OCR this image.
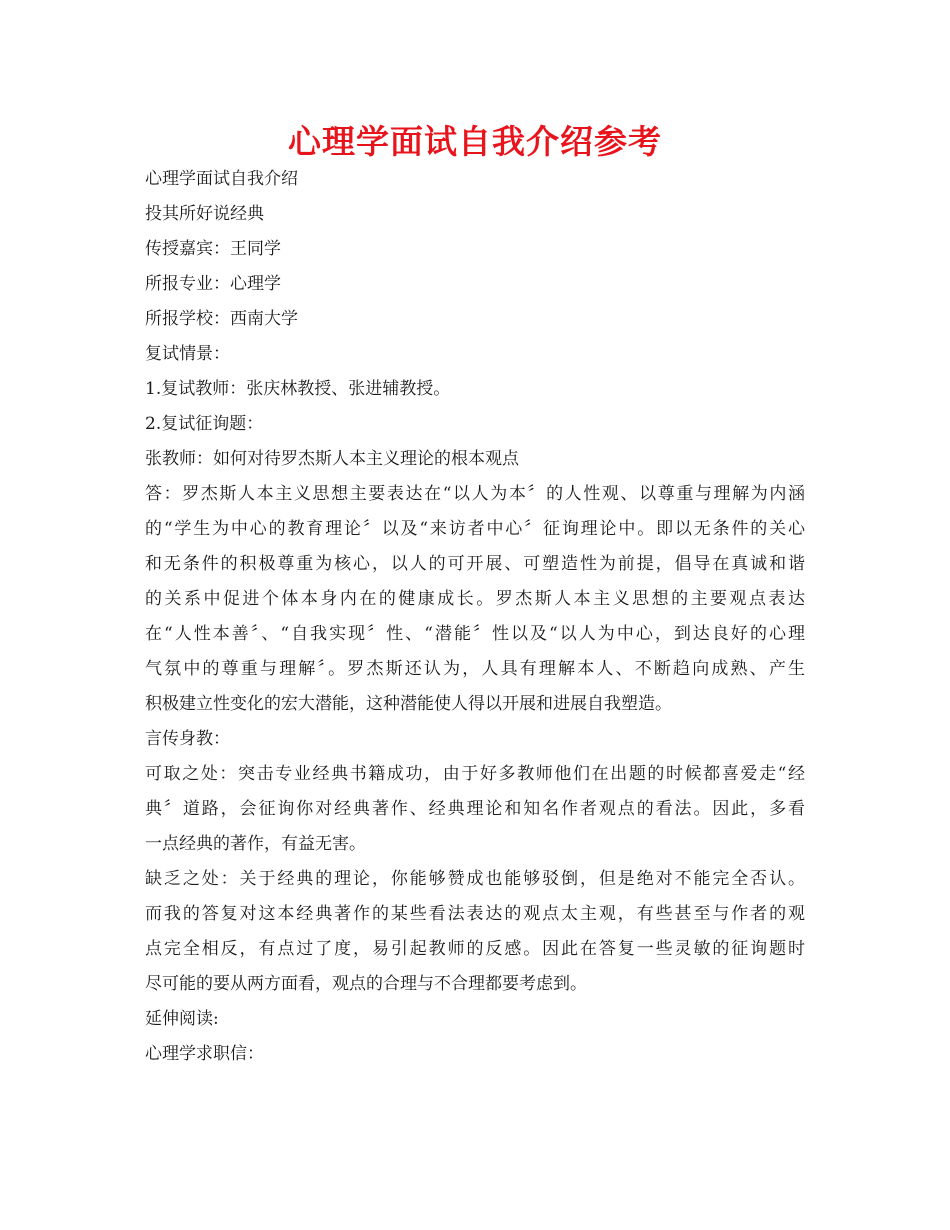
心理学面试自我介绍参考

心理学面试自我介绍

投其所好说经典

传授嘉宾：王同学

所报专业：心理学

所报学校：西南大学

复试情景：

1.复试教师：张庆林教授、张进辅教授。

2.复试征询题：

张教师：如何对待罗杰斯人本主义理论的根本观点

答：罗杰斯人本主义思想主要表达在“以人为本〞的人性观、以尊重与理解为内涵
的“学生为中心的教育理论〞以及“来访者中心〞征询理论中。即以无条件的关心
和无条件的积极尊重为核心，以人的可开展、可塑造性为前提，倡导在真诚和谐
的关系中促进个体本身内在的健康成长。罗杰斯人本主义思想的主要观点表达
在“人性本善〞、“自我实现〞性、“潜能〞性以及“以人为中心，到达良好的心理
气氛中的尊重与理解〞。罗杰斯还认为，人具有理解本人、不断趋向成熟、产生
积极建立性变化的宏大潜能，这种潜能使人得以开展和进展自我塑造。

言传身教：

可取之处：突击专业经典书籍成功，由于好多教师他们在出题的时候都喜爱走“经
典〞道路，会征询你对经典著作、经典理论和知名作者观点的看法。因此，多看
一点经典的著作，有益无害。

缺乏之处：关于经典的理论，你能够赞成也能够驳倒，但是绝对不能完全否认。
而我的答复对这本经典著作的某些看法表达的观点太主观，有些甚至与作者的观
点完全相反，有点过了度，易引起教师的反感。因此在答复一些灵敏的征询题时
尽可能的要从两方面看，观点的合理与不合理都要考虑到。

延伸阅读:

心理学求职信：
